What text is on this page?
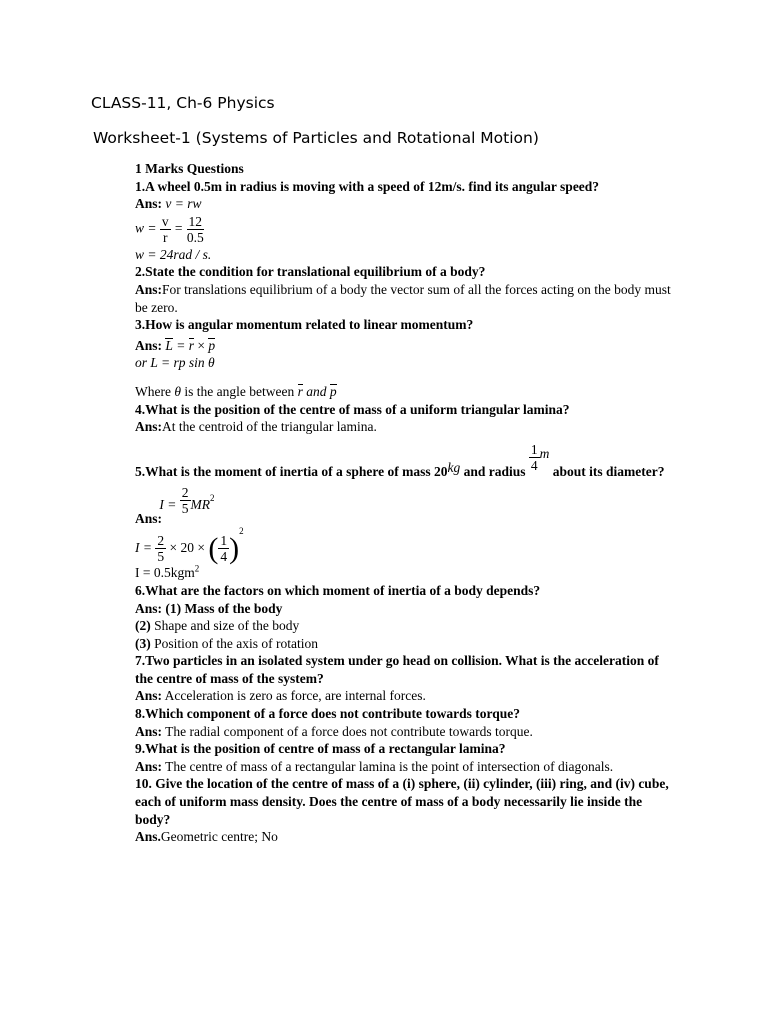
CLASS-11, Ch-6 Physics
Worksheet-1 (Systems of Particles and Rotational Motion)
1 Marks Questions
1.A wheel 0.5m in radius is moving with a speed of 12m/s. find its angular speed?
Ans: v = rw
$w = \frac{v}{r} = \frac{12}{0.5}$
w = 24rad / s.
2.State the condition for translational equilibrium of a body?
Ans:For translations equilibrium of a body the vector sum of all the forces acting on the body must be zero.
3.How is angular momentum related to linear momentum?
Ans: L = r × p
or L = rp sin θ
Where θ is the angle between r and p
4.What is the position of the centre of mass of a uniform triangular lamina?
Ans:At the centroid of the triangular lamina.
5.What is the moment of inertia of a sphere of mass 20kg and radius $\frac{1}{4}$ m about its diameter?
Ans: $I = \frac{2}{5} MR^2$
$I = \frac{2}{5} \times 20$ × ( $\frac{1}{4} )^2$
I = 0.5kgm$^2$
6.What are the factors on which moment of inertia of a body depends?
Ans: (1) Mass of the body
(2) Shape and size of the body
(3) Position of the axis of rotation
7.Two particles in an isolated system under go head on collision. What is the acceleration of the centre of mass of the system?
Ans: Acceleration is zero as force, are internal forces.
8.Which component of a force does not contribute towards torque?
Ans: The radial component of a force does not contribute towards torque.
9.What is the position of centre of mass of a rectangular lamina?
Ans: The centre of mass of a rectangular lamina is the point of intersection of diagonals.
10. Give the location of the centre of mass of a (i) sphere, (ii) cylinder, (iii) ring, and (iv) cube, each of uniform mass density. Does the centre of mass of a body necessarily lie inside the body?
Ans.Geometric centre; No
